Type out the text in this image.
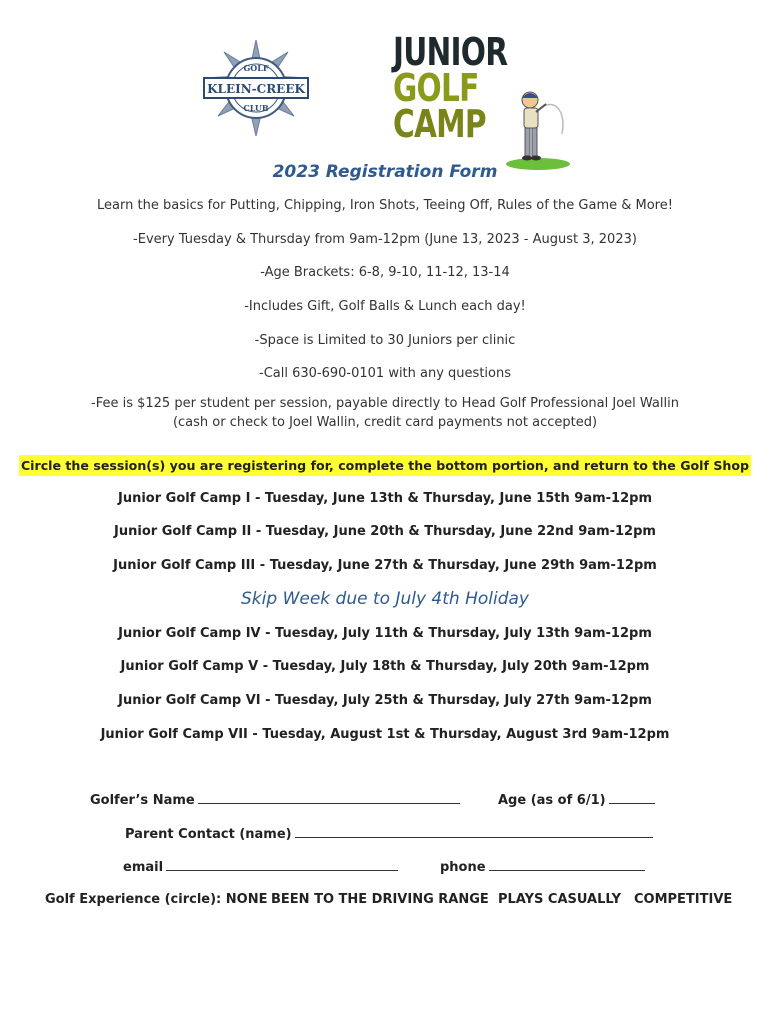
GOLF
KLEIN-CREEK
CLUB
JUNIOR
GOLF
CAMP
2023 Registration Form
Learn the basics for Putting, Chipping, Iron Shots, Teeing Off, Rules of the Game & More!
-Every Tuesday & Thursday from 9am-12pm (June 13, 2023 - August 3, 2023)
-Age Brackets: 6-8, 9-10, 11-12, 13-14
-Includes Gift, Golf Balls & Lunch each day!
-Space is Limited to 30 Juniors per clinic
-Call 630-690-0101 with any questions
-Fee is $125 per student per session, payable directly to Head Golf Professional Joel Wallin
(cash or check to Joel Wallin, credit card payments not accepted)
Circle the session(s) you are registering for, complete the bottom portion, and return to the Golf Shop
Junior Golf Camp I - Tuesday, June 13th & Thursday, June 15th 9am-12pm
Junior Golf Camp II - Tuesday, June 20th & Thursday, June 22nd 9am-12pm
Junior Golf Camp III - Tuesday, June 27th & Thursday, June 29th 9am-12pm
Skip Week due to July 4th Holiday
Junior Golf Camp IV - Tuesday, July 11th & Thursday, July 13th 9am-12pm
Junior Golf Camp V - Tuesday, July 18th & Thursday, July 20th 9am-12pm
Junior Golf Camp VI - Tuesday, July 25th & Thursday, July 27th 9am-12pm
Junior Golf Camp VII - Tuesday, August 1st & Thursday, August 3rd 9am-12pm
Golfer’s Name	Age (as of 6/1)
Parent Contact (name)
email	phone
Golf Experience (circle): NONE BEEN TO THE DRIVING RANGE PLAYS CASUALLY COMPETITIVE
